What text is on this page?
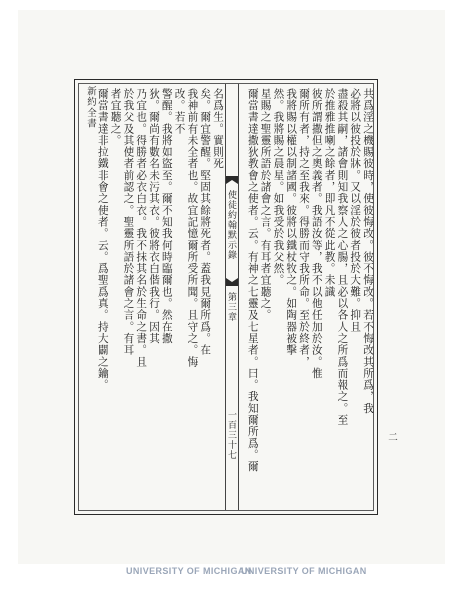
新約全書
二
名爲生。實則死
矣。爾宜警醒。堅固其餘將死者。蓋我見爾所爲。在
我神前有未全者也。故宜記憶爾所受所聞。且守之。悔
改。若不
警醒。我將如盜至。爾不知我何時臨爾也。然在撒
狄。爾尚有數名未污其衣。彼將衣白偕我行。因其
乃宜也。得勝者必衣白衣。我不抹其名於生命之書。且
於我父及其使者前認之。聖靈所語於諸會之言。有耳
者宜聽之。
爾當書達非拉鐵非會之使者。云。爲聖爲真。持大闢之鑰。	使徒約翰默示錄
第三章
一百三十七
共爲淫之機賜彼時，使彼悔改。彼不悔改。若不悔改其所爲，我
必將以彼投於牀。又以淫於彼者投於大難。抑且
盡殺其嗣，諸會則知我察人之心腸，且必以各人之所爲而報之。至
於推雅推喇之餘者，即凡不從此教。未識
彼所謂撒但之奧義者。我語汝等，我不以他任加於汝。惟
爾所有者，持之至我來。得勝而守我所命。至於終者，
我將賜以權以制諸國。彼將以鐵杖牧之。如陶器被擊
然。我將賜之晨星。如我受於我父然。
星賜之聖靈所語於諸會之言。有耳者宜聽之。
爾當書達撒狄教會之使者。云。有神之七靈及七星者。曰。我知爾所爲。爾
UNIVERSITY OF MICHIGAN
UNIVERSITY OF MICHIGAN
